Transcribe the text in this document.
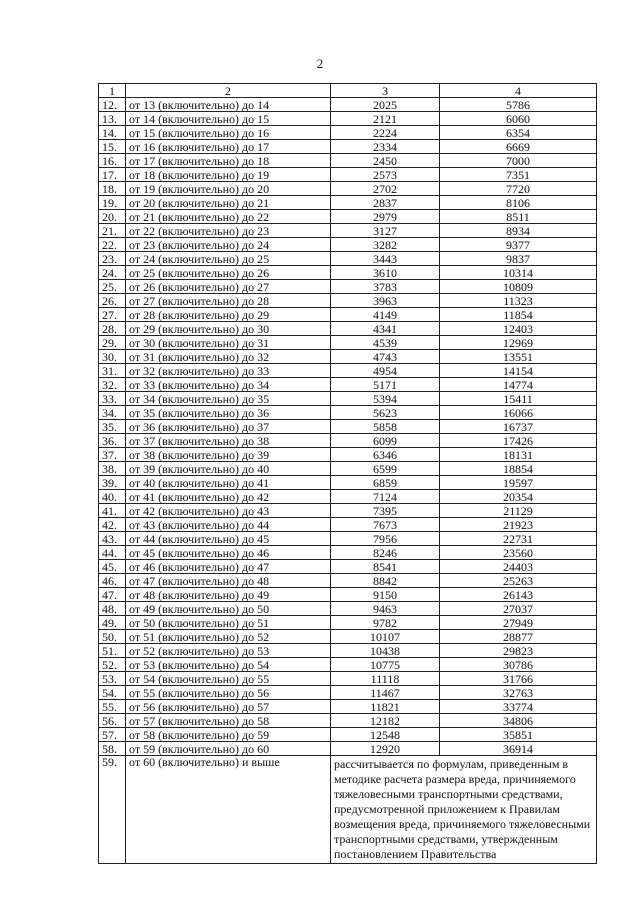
2
1	2	3	4
12.	от 13 (включительно) до 14	2025	5786
13.	от 14 (включительно) до 15	2121	6060
14.	от 15 (включительно) до 16	2224	6354
15.	от 16 (включительно) до 17	2334	6669
16.	от 17 (включительно) до 18	2450	7000
17.	от 18 (включительно) до 19	2573	7351
18.	от 19 (включительно) до 20	2702	7720
19.	от 20 (включительно) до 21	2837	8106
20.	от 21 (включительно) до 22	2979	8511
21.	от 22 (включительно) до 23	3127	8934
22.	от 23 (включительно) до 24	3282	9377
23.	от 24 (включительно) до 25	3443	9837
24.	от 25 (включительно) до 26	3610	10314
25.	от 26 (включительно) до 27	3783	10809
26.	от 27 (включительно) до 28	3963	11323
27.	от 28 (включительно) до 29	4149	11854
28.	от 29 (включительно) до 30	4341	12403
29.	от 30 (включительно) до 31	4539	12969
30.	от 31 (включительно) до 32	4743	13551
31.	от 32 (включительно) до 33	4954	14154
32.	от 33 (включительно) до 34	5171	14774
33.	от 34 (включительно) до 35	5394	15411
34.	от 35 (включительно) до 36	5623	16066
35.	от 36 (включительно) до 37	5858	16737
36.	от 37 (включительно) до 38	6099	17426
37.	от 38 (включительно) до 39	6346	18131
38.	от 39 (включительно) до 40	6599	18854
39.	от 40 (включительно) до 41	6859	19597
40.	от 41 (включительно) до 42	7124	20354
41.	от 42 (включительно) до 43	7395	21129
42.	от 43 (включительно) до 44	7673	21923
43.	от 44 (включительно) до 45	7956	22731
44.	от 45 (включительно) до 46	8246	23560
45.	от 46 (включительно) до 47	8541	24403
46.	от 47 (включительно) до 48	8842	25263
47.	от 48 (включительно) до 49	9150	26143
48.	от 49 (включительно) до 50	9463	27037
49.	от 50 (включительно) до 51	9782	27949
50.	от 51 (включительно) до 52	10107	28877
51.	от 52 (включительно) до 53	10438	29823
52.	от 53 (включительно) до 54	10775	30786
53.	от 54 (включительно) до 55	11118	31766
54.	от 55 (включительно) до 56	11467	32763
55.	от 56 (включительно) до 57	11821	33774
56.	от 57 (включительно) до 58	12182	34806
57.	от 58 (включительно) до 59	12548	35851
58.	от 59 (включительно) до 60	12920	36914
59.	от 60 (включительно) и выше	рассчитывается по формулам, приведенным в методике расчета размера вреда, причиняемого тяжеловесными транспортными средствами, предусмотренной приложением к Правилам возмещения вреда, причиняемого тяжеловесными транспортными средствами, утвержденным постановлением Правительства	
